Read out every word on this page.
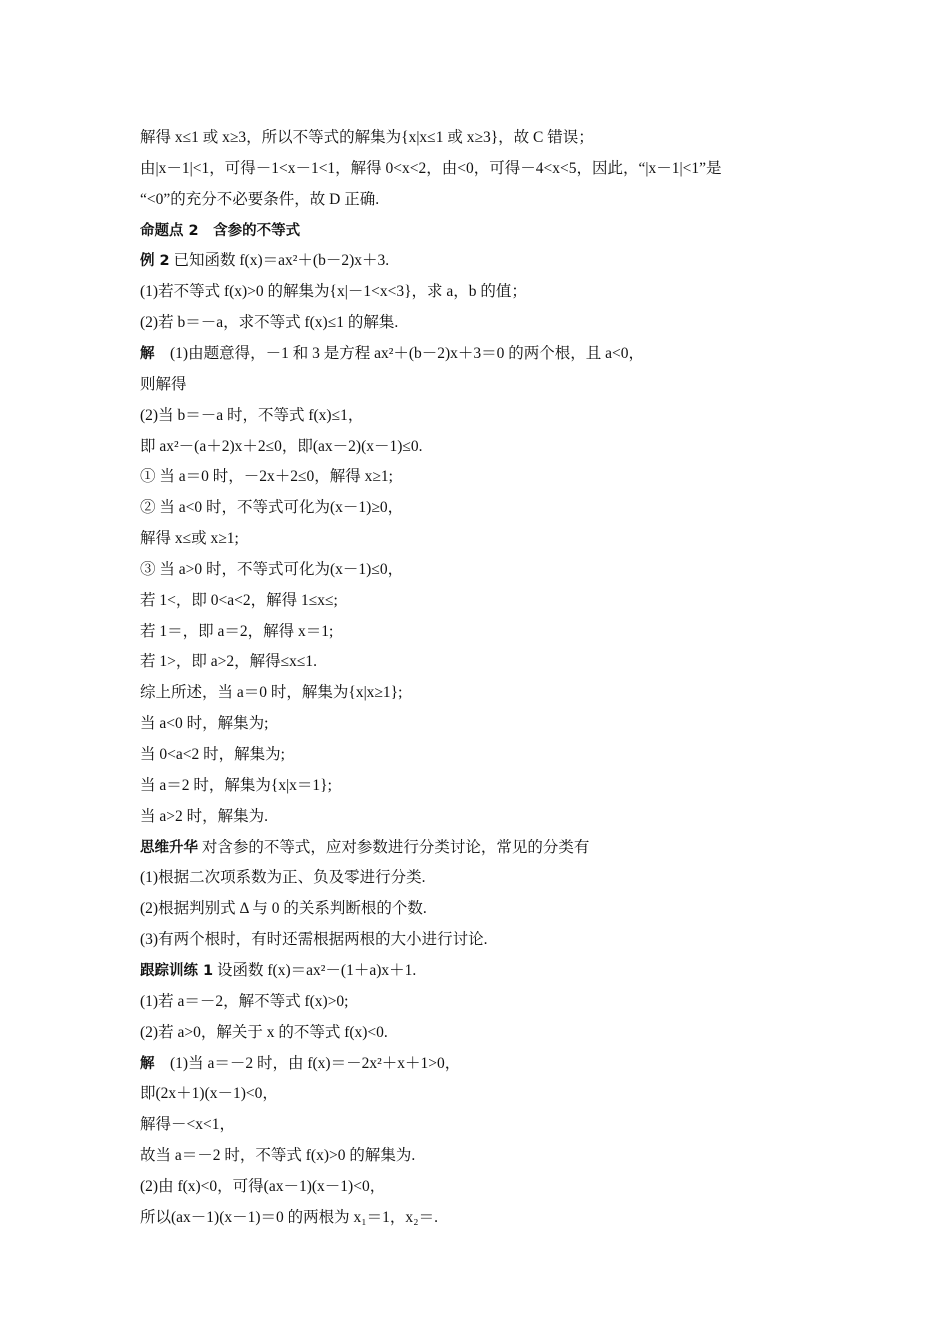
解得 x≤1 或 x≥3，所以不等式的解集为{x|x≤1 或 x≥3}，故 C 错误；
由|x－1|<1，可得－1<x－1<1，解得 0<x<2，由<0，可得－4<x<5，因此，“|x－1|<1”是
“<0”的充分不必要条件，故 D 正确.
命题点 2　含参的不等式
例 2 已知函数 f(x)＝ax²＋(b－2)x＋3.
(1)若不等式 f(x)>0 的解集为{x|－1<x<3}，求 a，b 的值；
(2)若 b＝－a，求不等式 f(x)≤1 的解集.
解　(1)由题意得，－1 和 3 是方程 ax²＋(b－2)x＋3＝0 的两个根，且 a<0，
则解得
(2)当 b＝－a 时，不等式 f(x)≤1，
即 ax²－(a＋2)x＋2≤0，即(ax－2)(x－1)≤0.
① 当 a＝0 时，－2x＋2≤0，解得 x≥1;
② 当 a<0 时，不等式可化为(x－1)≥0，
解得 x≤或 x≥1;
③ 当 a>0 时，不等式可化为(x－1)≤0，
若 1<，即 0<a<2，解得 1≤x≤;
若 1＝，即 a＝2，解得 x＝1;
若 1>，即 a>2，解得≤x≤1.
综上所述，当 a＝0 时，解集为{x|x≥1};
当 a<0 时，解集为;
当 0<a<2 时，解集为;
当 a＝2 时，解集为{x|x＝1};
当 a>2 时，解集为.
思维升华 对含参的不等式，应对参数进行分类讨论，常见的分类有
(1)根据二次项系数为正、负及零进行分类.
(2)根据判别式 Δ 与 0 的关系判断根的个数.
(3)有两个根时，有时还需根据两根的大小进行讨论.
跟踪训练 1 设函数 f(x)＝ax²－(1＋a)x＋1.
(1)若 a＝－2，解不等式 f(x)>0;
(2)若 a>0，解关于 x 的不等式 f(x)<0.
解　(1)当 a＝－2 时，由 f(x)＝－2x²＋x＋1>0，
即(2x＋1)(x－1)<0，
解得－<x<1，
故当 a＝－2 时，不等式 f(x)>0 的解集为.
(2)由 f(x)<0，可得(ax－1)(x－1)<0，
所以(ax－1)(x－1)＝0 的两根为 x₁＝1，x₂＝.
